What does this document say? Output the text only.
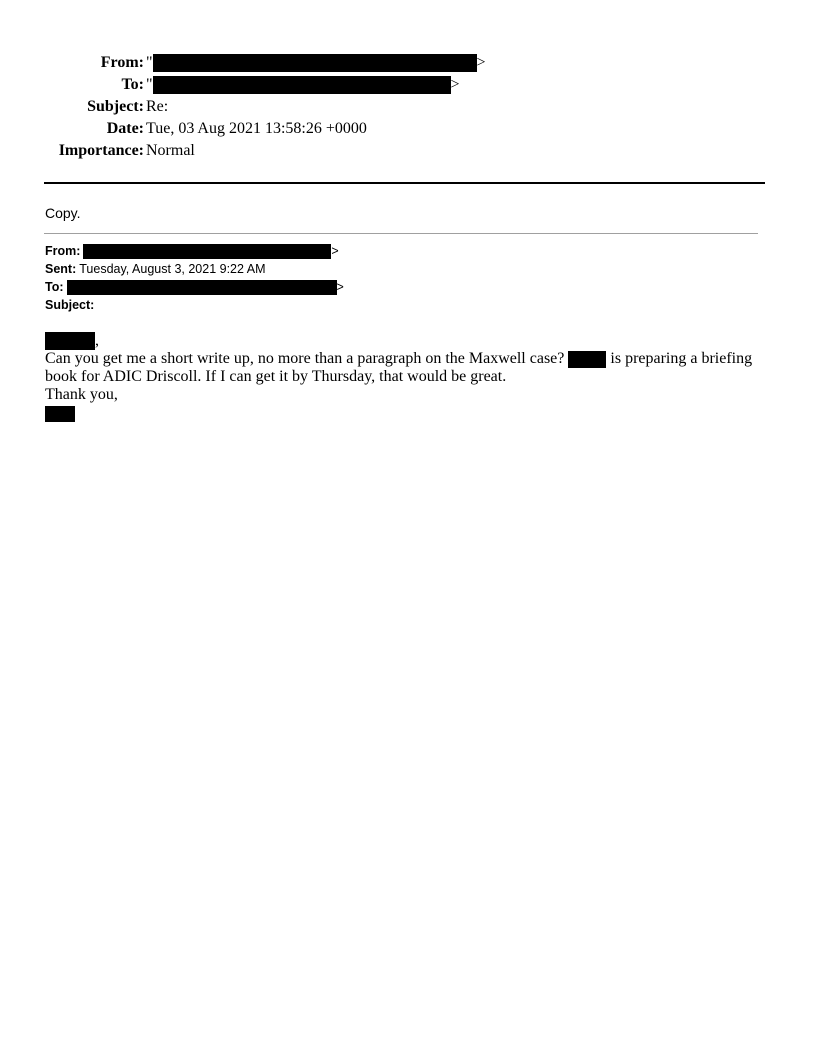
From: "	>
To: "	>
Subject: Re:
Date: Tue, 03 Aug 2021 13:58:26 +0000
Importance: Normal
Copy.
From:	>
Sent: Tuesday, August 3, 2021 9:22 AM
To:	>
Subject:
,
Can you get me a short write up, no more than a paragraph on the Maxwell case?  is preparing a briefing
book for ADIC Driscoll. If I can get it by Thursday, that would be great.
Thank you,
